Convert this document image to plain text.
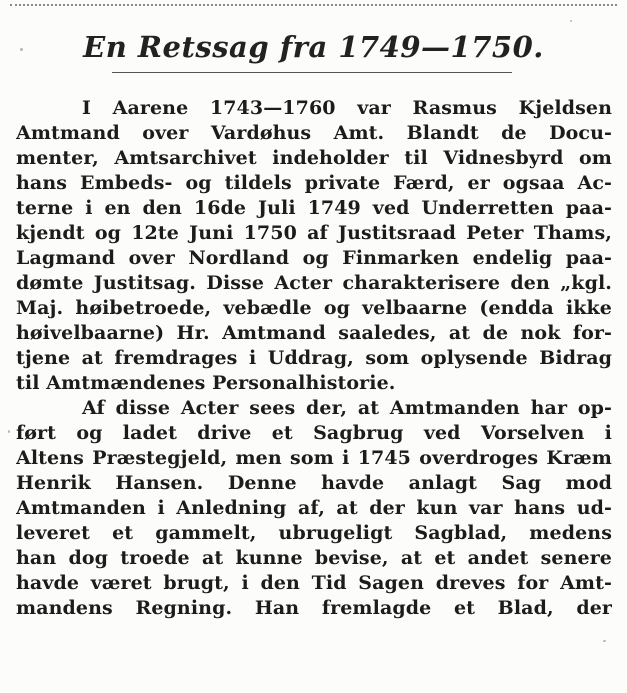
En Retssag fra 1749—1750.
I Aarene 1743—1760 var Rasmus Kjeldsen
Amtmand over Vardøhus Amt. Blandt de Docu-
menter, Amtsarchivet indeholder til Vidnesbyrd om
hans Embeds- og tildels private Færd, er ogsaa Ac-
terne i en den 16de Juli 1749 ved Underretten paa-
kjendt og 12te Juni 1750 af Justitsraad Peter Thams,
Lagmand over Nordland og Finmarken endelig paa-
dømte Justitsag. Disse Acter charakterisere den „kgl.
Maj. høibetroede, vebædle og velbaarne (endda ikke
høivelbaarne) Hr. Amtmand saaledes, at de nok for-
tjene at fremdrages i Uddrag, som oplysende Bidrag
til Amtmændenes Personalhistorie.
Af disse Acter sees der, at Amtmanden har op-
ført og ladet drive et Sagbrug ved Vorselven i
Altens Præstegjeld, men som i 1745 overdroges Kræm
Henrik Hansen. Denne havde anlagt Sag mod
Amtmanden i Anledning af, at der kun var hans ud-
leveret et gammelt, ubrugeligt Sagblad, medens
han dog troede at kunne bevise, at et andet senere
havde været brugt, i den Tid Sagen dreves for Amt-
mandens Regning. Han fremlagde et Blad, der
